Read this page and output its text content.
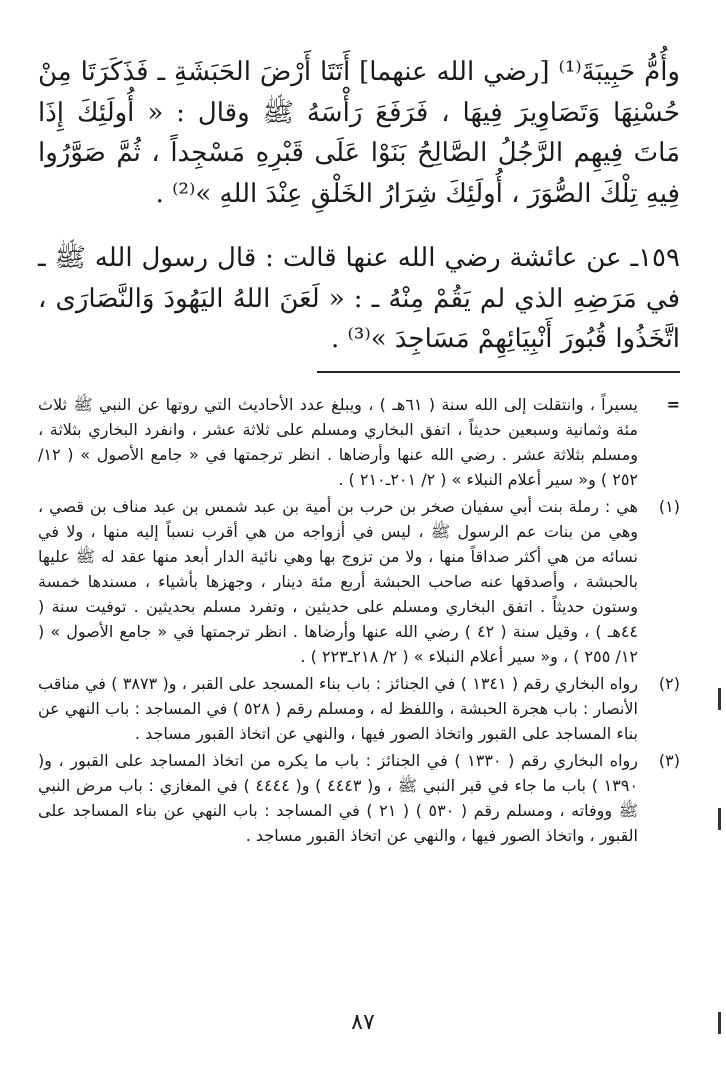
وأُمُّ حَبِيبَةَ⁽¹⁾ [رضي الله عنهما] أَتَتَا أَرْضَ الحَبَشَةِ ـ فَذَكَرَتَا مِنْ حُسْنِهَا وَتَصَاوِيرَ فِيهَا ، فَرَفَعَ رَأْسَهُ ﷺ وقال : « أُولَئِكَ إِذَا مَاتَ فِيهِم الرَّجُلُ الصَّالِحُ بَنَوْا عَلَى قَبْرِهِ مَسْجِداً ، ثُمَّ صَوَّرُوا فِيهِ تِلْكَ الصُّوَرَ ، أُولَئِكَ شِرَارُ الخَلْقِ عِنْدَ اللهِ »⁽²⁾ .

١٥٩ـ عن عائشة رضي الله عنها قالت : قال رسول الله ﷺ ـ في مَرَضِهِ الذي لم يَقُمْ مِنْهُ ـ : « لَعَنَ اللهُ اليَهُودَ وَالنَّصَارَى ، اتَّخَذُوا قُبُورَ أَنْبِيَائِهِمْ مَسَاجِدَ »⁽³⁾ .

=

يسيراً ، وانتقلت إلى الله سنة ( ٦١هـ ) ، ويبلغ عدد الأحاديث التي روتها عن النبي ﷺ ثلاث مئة وثمانية وسبعين حديثاً ، اتفق البخاري ومسلم على ثلاثة عشر ، وانفرد البخاري بثلاثة ، ومسلم بثلاثة عشر . رضي الله عنها وأرضاها . انظر ترجمتها في « جامع الأصول » ( ١٢/ ٢٥٢ ) و« سير أعلام النبلاء » ( ٢/ ٢٠١ـ٢١٠ ) .

(١)

هي : رملة بنت أبي سفيان صخر بن حرب بن أمية بن عبد شمس بن عبد مناف بن قصي ، وهي من بنات عم الرسول ﷺ ، ليس في أزواجه من هي أقرب نسباً إليه منها ، ولا في نسائه من هي أكثر صداقاً منها ، ولا من تزوج بها وهي نائية الدار أبعد منها عقد له ﷺ عليها بالحبشة ، وأصدقها عنه صاحب الحبشة أربع مئة دينار ، وجهزها بأشياء ، مسندها خمسة وستون حديثاً . اتفق البخاري ومسلم على حديثين ، وتفرد مسلم بحديثين . توفيت سنة ( ٤٤هـ ) ، وقيل سنة ( ٤٢ ) رضي الله عنها وأرضاها . انظر ترجمتها في « جامع الأصول » ( ١٢/ ٢٥٥ ) ، و« سير أعلام النبلاء » ( ٢/ ٢١٨ـ٢٢٣ ) .

(٢)

رواه البخاري رقم ( ١٣٤١ ) في الجنائز : باب بناء المسجد على القبر ، و( ٣٨٧٣ ) في مناقب الأنصار : باب هجرة الحبشة ، واللفظ له ، ومسلم رقم ( ٥٢٨ ) في المساجد : باب النهي عن بناء المساجد على القبور واتخاذ الصور فيها ، والنهي عن اتخاذ القبور مساجد .

(٣)

رواه البخاري رقم ( ١٣٣٠ ) في الجنائز : باب ما يكره من اتخاذ المساجد على القبور ، و( ١٣٩٠ ) باب ما جاء في قبر النبي ﷺ ، و( ٤٤٤٣ ) و( ٤٤٤٤ ) في المغازي : باب مرض النبي ﷺ ووفاته ، ومسلم رقم ( ٥٣٠ ) ( ٢١ ) في المساجد : باب النهي عن بناء المساجد على القبور ، واتخاذ الصور فيها ، والنهي عن اتخاذ القبور مساجد .

٨٧
